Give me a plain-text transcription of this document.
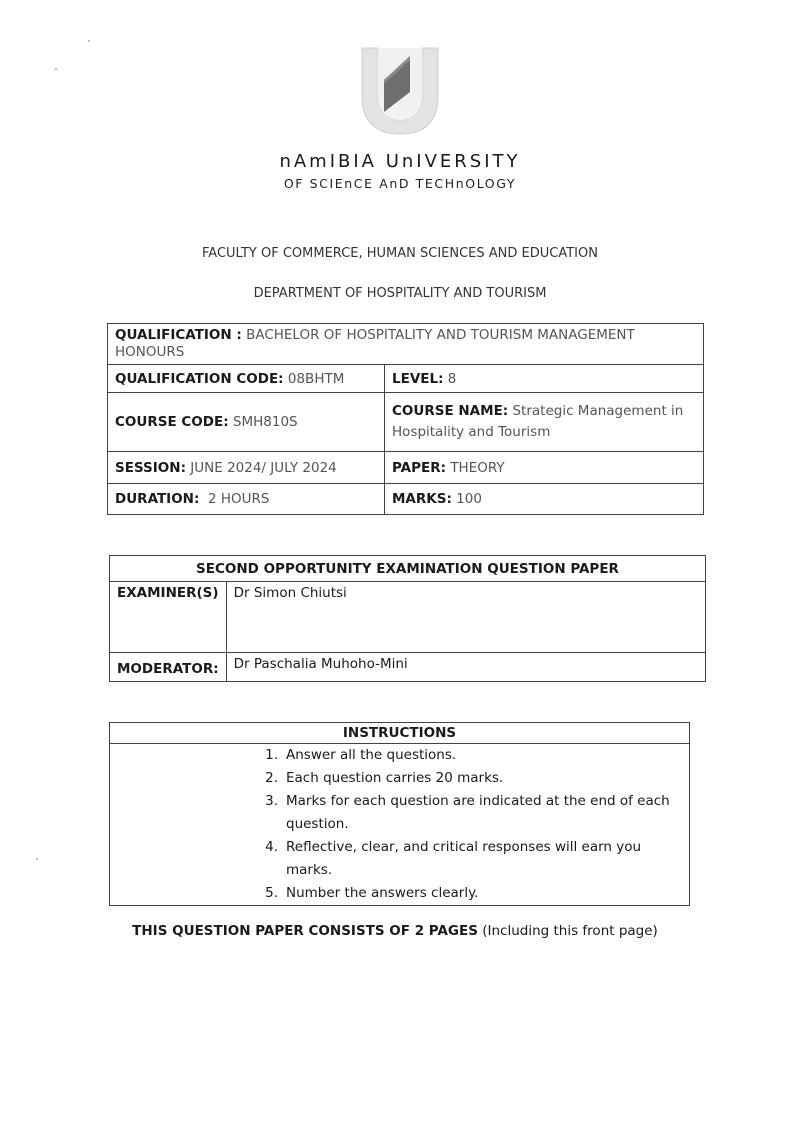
nAmIBIA UnIVERSITY
OF SCIEnCE AnD TECHnOLOGY
FACULTY OF COMMERCE, HUMAN SCIENCES AND EDUCATION
DEPARTMENT OF HOSPITALITY AND TOURISM
QUALIFICATION : BACHELOR OF HOSPITALITY AND TOURISM MANAGEMENT HONOURS	
QUALIFICATION CODE: 08BHTM	LEVEL: 8
COURSE CODE: SMH810S	COURSE NAME: Strategic Management in Hospitality and Tourism
SESSION: JUNE 2024/ JULY 2024	PAPER: THEORY
DURATION: 2 HOURS	MARKS: 100
SECOND OPPORTUNITY EXAMINATION QUESTION PAPER	
EXAMINER(S)	Dr Simon Chiutsi
MODERATOR:	Dr Paschalia Muhoho-Mini
INSTRUCTIONS

1. Answer all the questions.
2. Each question carries 20 marks.
3. Marks for each question are indicated at the end of each question.
4. Reflective, clear, and critical responses will earn you marks.
5. Number the answers clearly.
THIS QUESTION PAPER CONSISTS OF 2 PAGES (Including this front page)
